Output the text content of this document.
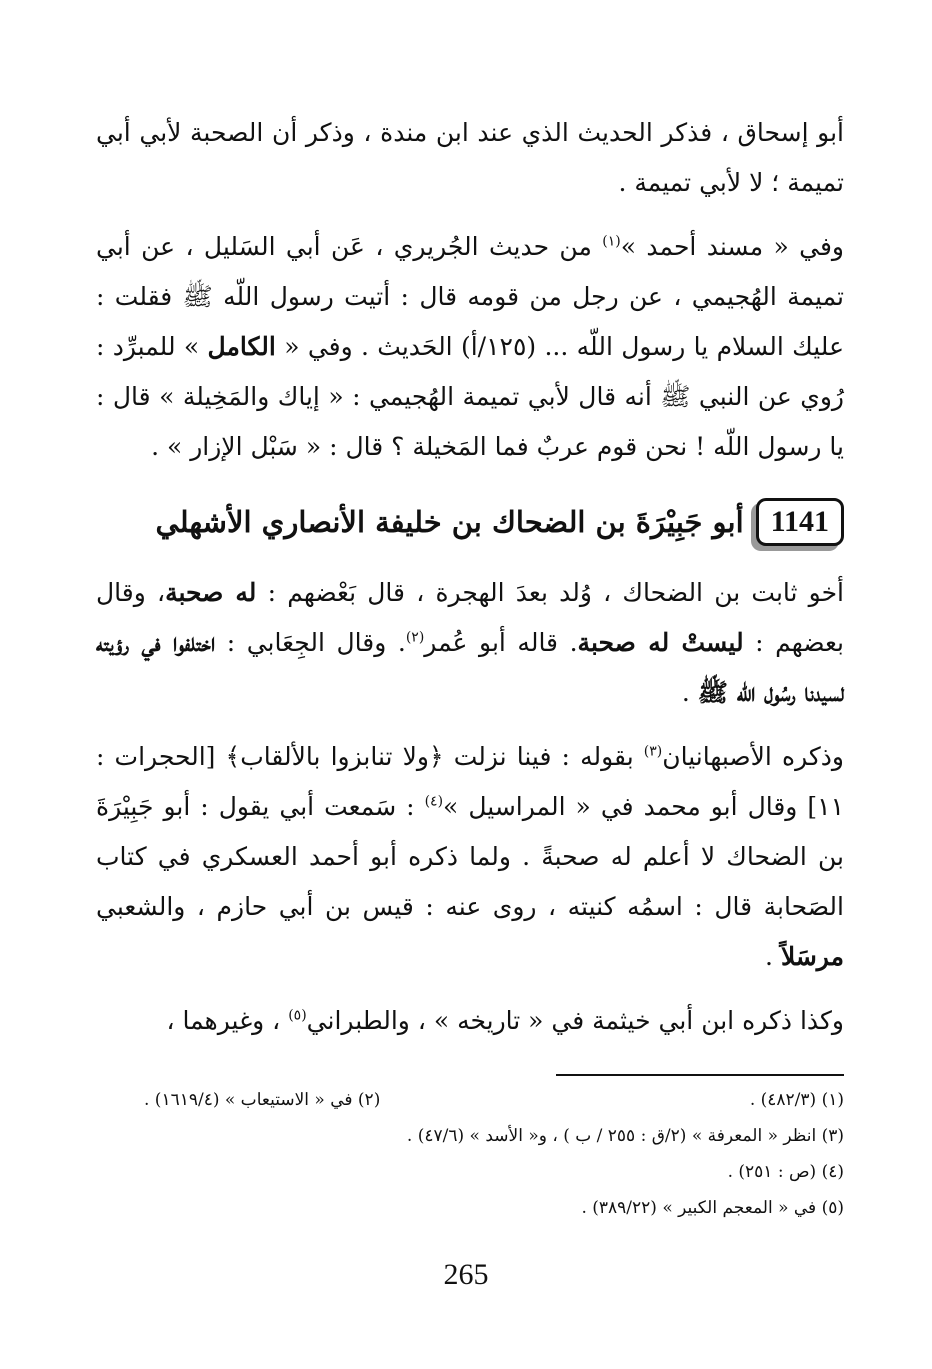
أبو إسحاق ، فذكر الحديث الذي عند ابن مندة ، وذكر أن الصحبة لأبي أبي تميمة ؛ لا لأبي تميمة .

وفي « مسند أحمد »$^{(١)}$ من حديث الجُريري ، عَن أبي السَليل ، عن أبي تميمة الهُجيمي ، عن رجل من قومه قال : أتيت رسول اللّه ﷺ فقلت : عليك السلام يا رسول اللّه ... (١٢٥/أ) الحَديث . وفي « الكامل » للمبرِّد : رُوي عن النبي ﷺ أنه قال لأبي تميمة الهُجيمي : « إياك والمَخِيلة » قال : يا رسول اللّه ! نحن قوم عربٌ فما المَخيلة ؟ قال : « سَبْل الإزار » .

1141
أبو جَبِيْرَةَ بن الضحاك بن خليفة الأنصاري الأشهلي

أخو ثابت بن الضحاك ، وُلد بعدَ الهجرة ، قال بَعْضهم : له صحبة، وقال بعضهم : ليستْ له صحبة. قاله أبو عُمر$^{(٢)}$. وقال الجِعَابي : اختلفوا في رؤيته لسيدنا رسُول اللّه ﷺ .

وذكره الأصبهانيان$^{(٣)}$ بقوله : فينا نزلت ﴿ولا تنابزوا بالألقاب﴾ [الحجرات : ١١] وقال أبو محمد في « المراسيل »$^{(٤)}$ : سَمعت أبي يقول : أبو جَبِيْرَةَ بن الضحاك لا أعلم له صحبةً . ولما ذكره أبو أحمد العسكري في كتاب الصَحابة قال : اسمُه كنيته ، روى عنه : قيس بن أبي حازم ، والشعبي مرسَلاً .

وكذا ذكره ابن أبي خيثمة في « تاريخه » ، والطبراني$^{(٥)}$ ، وغيرهما ،

(١) (٤٨٢/٣) .
(٢) في « الاستيعاب » (١٦١٩/٤) .
(٣) انظر « المعرفة » (٢/ق : ٢٥٥ / ب ) ، و« الأسد » (٤٧/٦) .
(٤) (ص : ٢٥١) .
(٥) في « المعجم الكبير » (٣٨٩/٢٢) .
265
